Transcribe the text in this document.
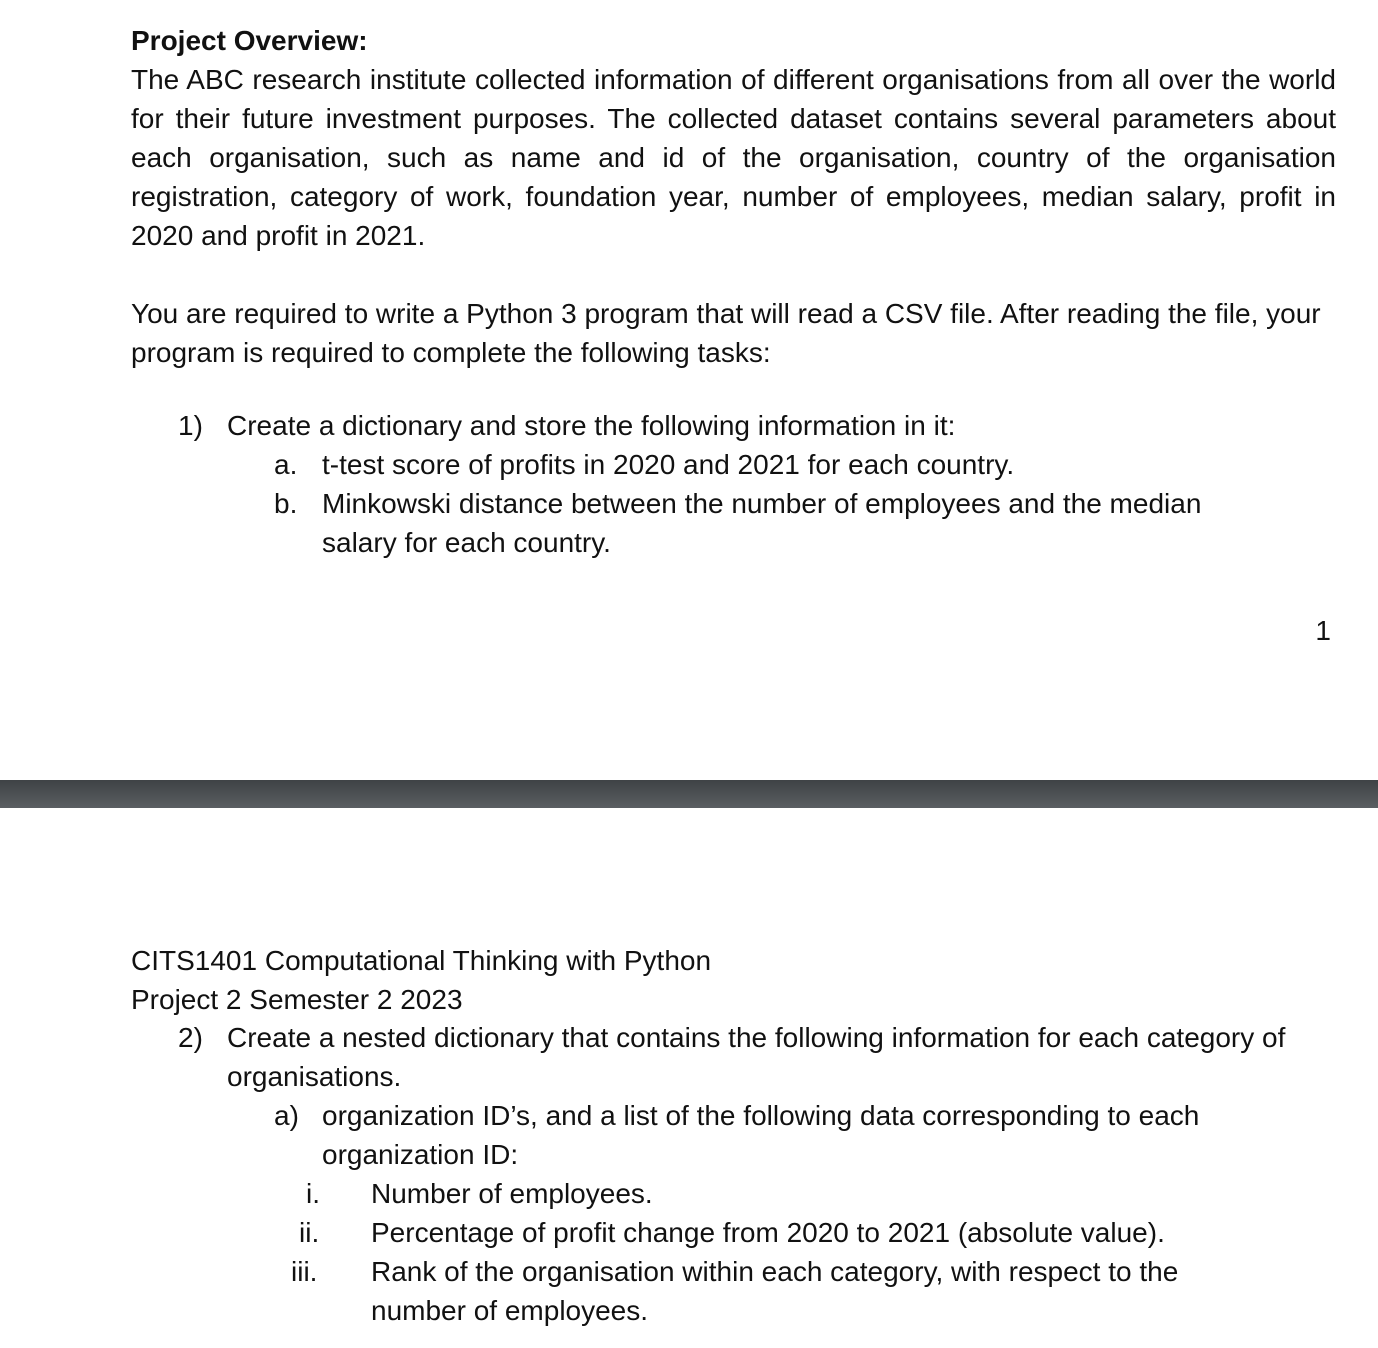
Project Overview:
The ABC research institute collected information of different organisations from all over the world for their future investment purposes. The collected dataset contains several parameters about each organisation, such as name and id of the organisation, country of the organisation registration, category of work, foundation year, number of employees, median salary, profit in 2020 and profit in 2021.
You are required to write a Python 3 program that will read a CSV file. After reading the file, your program is required to complete the following tasks:
1) Create a dictionary and store the following information in it:
a. t-test score of profits in 2020 and 2021 for each country.
b. Minkowski distance between the number of employees and the median salary for each country.
1
CITS1401 Computational Thinking with Python
Project 2 Semester 2 2023
2) Create a nested dictionary that contains the following information for each category of organisations.
a) organization ID’s, and a list of the following data corresponding to each organization ID:
i. Number of employees.
ii. Percentage of profit change from 2020 to 2021 (absolute value).
iii. Rank of the organisation within each category, with respect to the number of employees.
